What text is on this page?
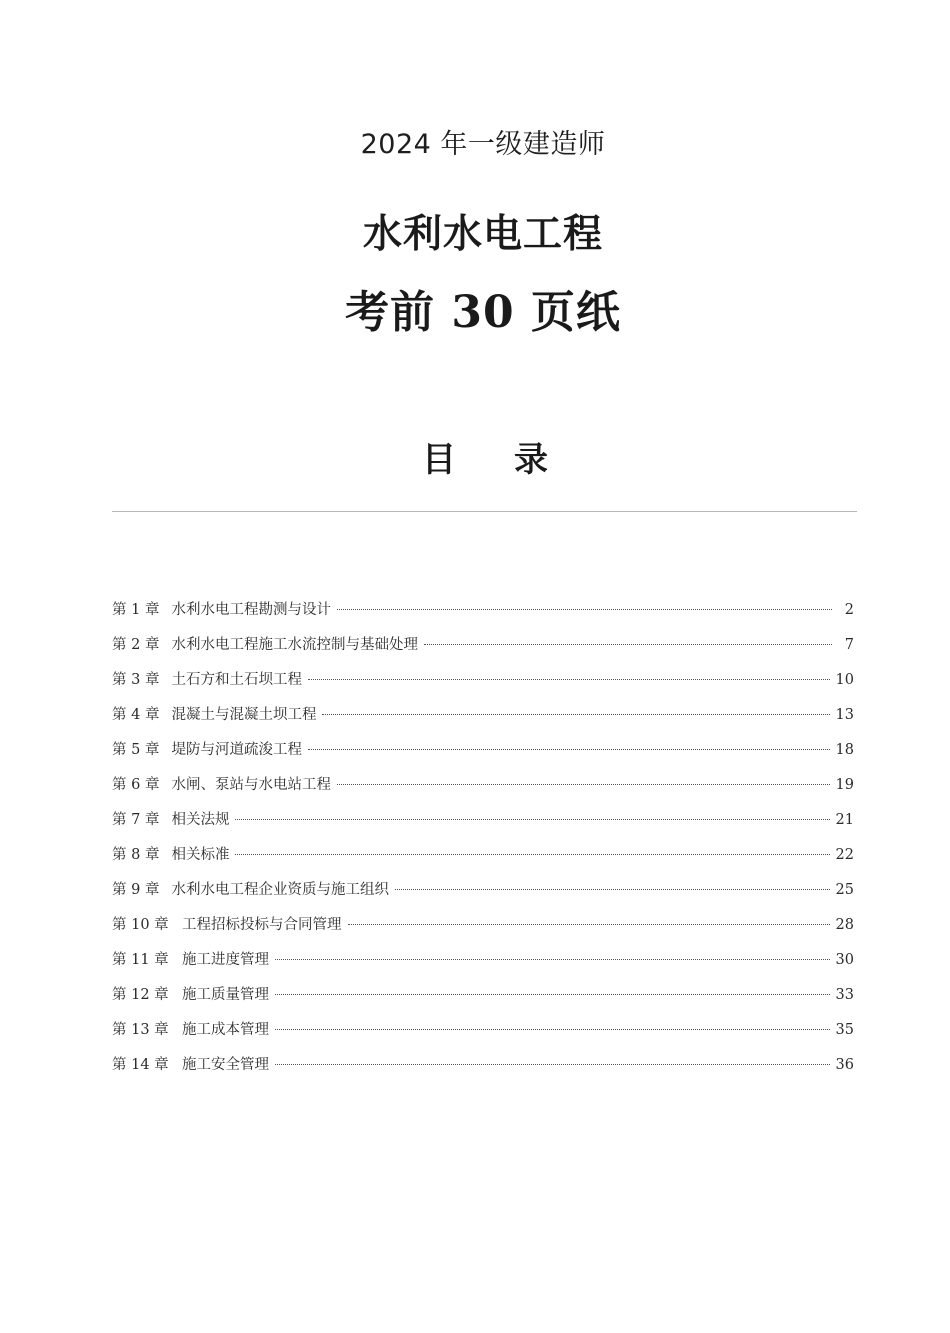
2024 年一级建造师
水利水电工程
考前 30 页纸
目录
第 1 章 水利水电工程勘测与设计	2
第 2 章 水利水电工程施工水流控制与基础处理	7
第 3 章 土石方和土石坝工程	10
第 4 章 混凝土与混凝土坝工程	13
第 5 章 堤防与河道疏浚工程	18
第 6 章 水闸、泵站与水电站工程	19
第 7 章 相关法规	21
第 8 章 相关标准	22
第 9 章 水利水电工程企业资质与施工组织	25
第 10 章 工程招标投标与合同管理	28
第 11 章 施工进度管理	30
第 12 章 施工质量管理	33
第 13 章 施工成本管理	35
第 14 章 施工安全管理	36
